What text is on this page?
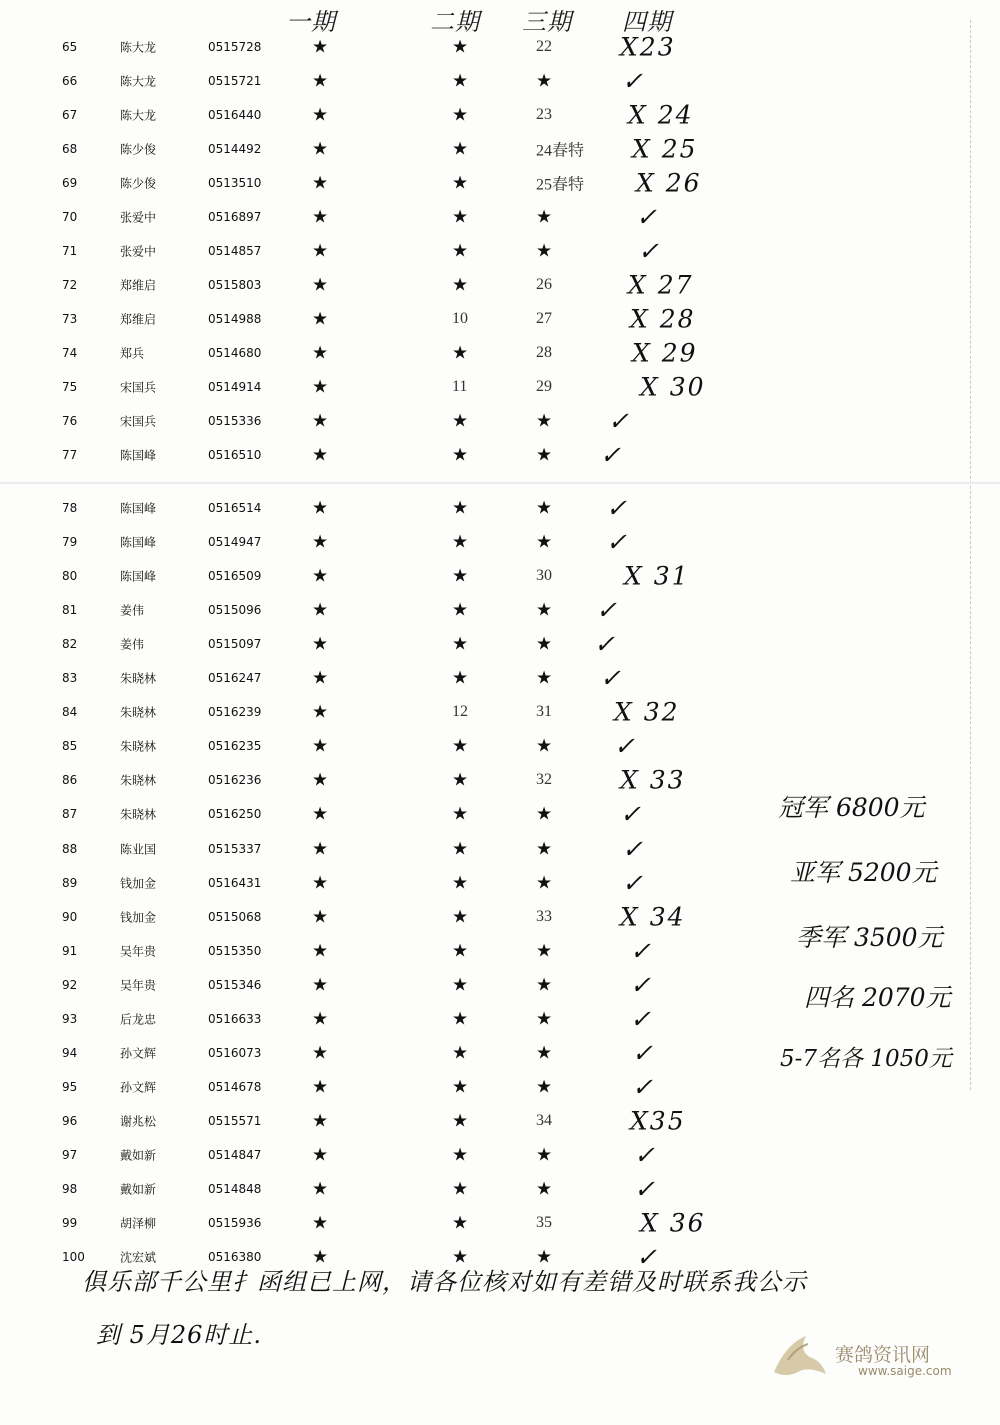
一期	二期 三期 四期
65	陈大龙	0515728	★	★	22	X23
66	陈大龙	0515721	★	★	★	✓
67	陈大龙	0516440	★	★	23	X 24
68	陈少俊	0514492	★	★	24春特 X 25
69	陈少俊	0513510	★	★	25春特 X 26
70	张爱中	0516897	★	★	★	✓
71	张爱中	0514857	★	★	★	✓
72	郑维启	0515803	★	★	26	X 27
73	郑维启	0514988	★	10	27	X 28
74	郑兵	0514680	★	★	28	X 29
75	宋国兵	0514914	★	11	29	X 30
76	宋国兵	0515336	★	★	★ ✓
77	陈国峰	0516510	★	★	★ ✓
78	陈国峰	0516514	★	★	★ ✓
79	陈国峰	0514947	★	★	★ ✓
80	陈国峰	0516509	★	★	30	X 31
81	姜伟	0515096	★	★	★ ✓
82	姜伟	0515097	★	★	★ ✓
83	朱晓林	0516247	★	★	★ ✓
84	朱晓林	0516239	★	12	31 X 32
85	朱晓林	0516235	★	★	★ ✓
86	朱晓林	0516236	★	★	32	X 33
87	朱晓林	0516250	★	★	★	✓
88	陈业国	0515337	★	★	★	✓
89	钱加金	0516431	★	★	★	✓
90	钱加金	0515068	★	★	33	X 34
91	吴年贵	0515350	★	★	★	✓
92	吴年贵	0515346	★	★	★	✓
93	后龙忠	0516633	★	★	★	✓
94	孙文辉	0516073	★	★	★	✓
95	孙文辉	0514678	★	★	★	✓
96	谢兆松	0515571	★	★	34	X35
97	戴如新	0514847	★	★	★	✓
98	戴如新	0514848	★	★	★	✓
99	胡泽柳	0515936	★	★	35	X 36
100	沈宏斌	0516380	★	★	★	✓
冠军 6800元
亚军 5200元
季军 3500元
四名 2070元
5-7名各 1050元
俱乐部千公里扌函组已上网，请各位核对如有差错及时联系我公示
到 5月26时止.
赛鸽资讯网
www.saige.com
